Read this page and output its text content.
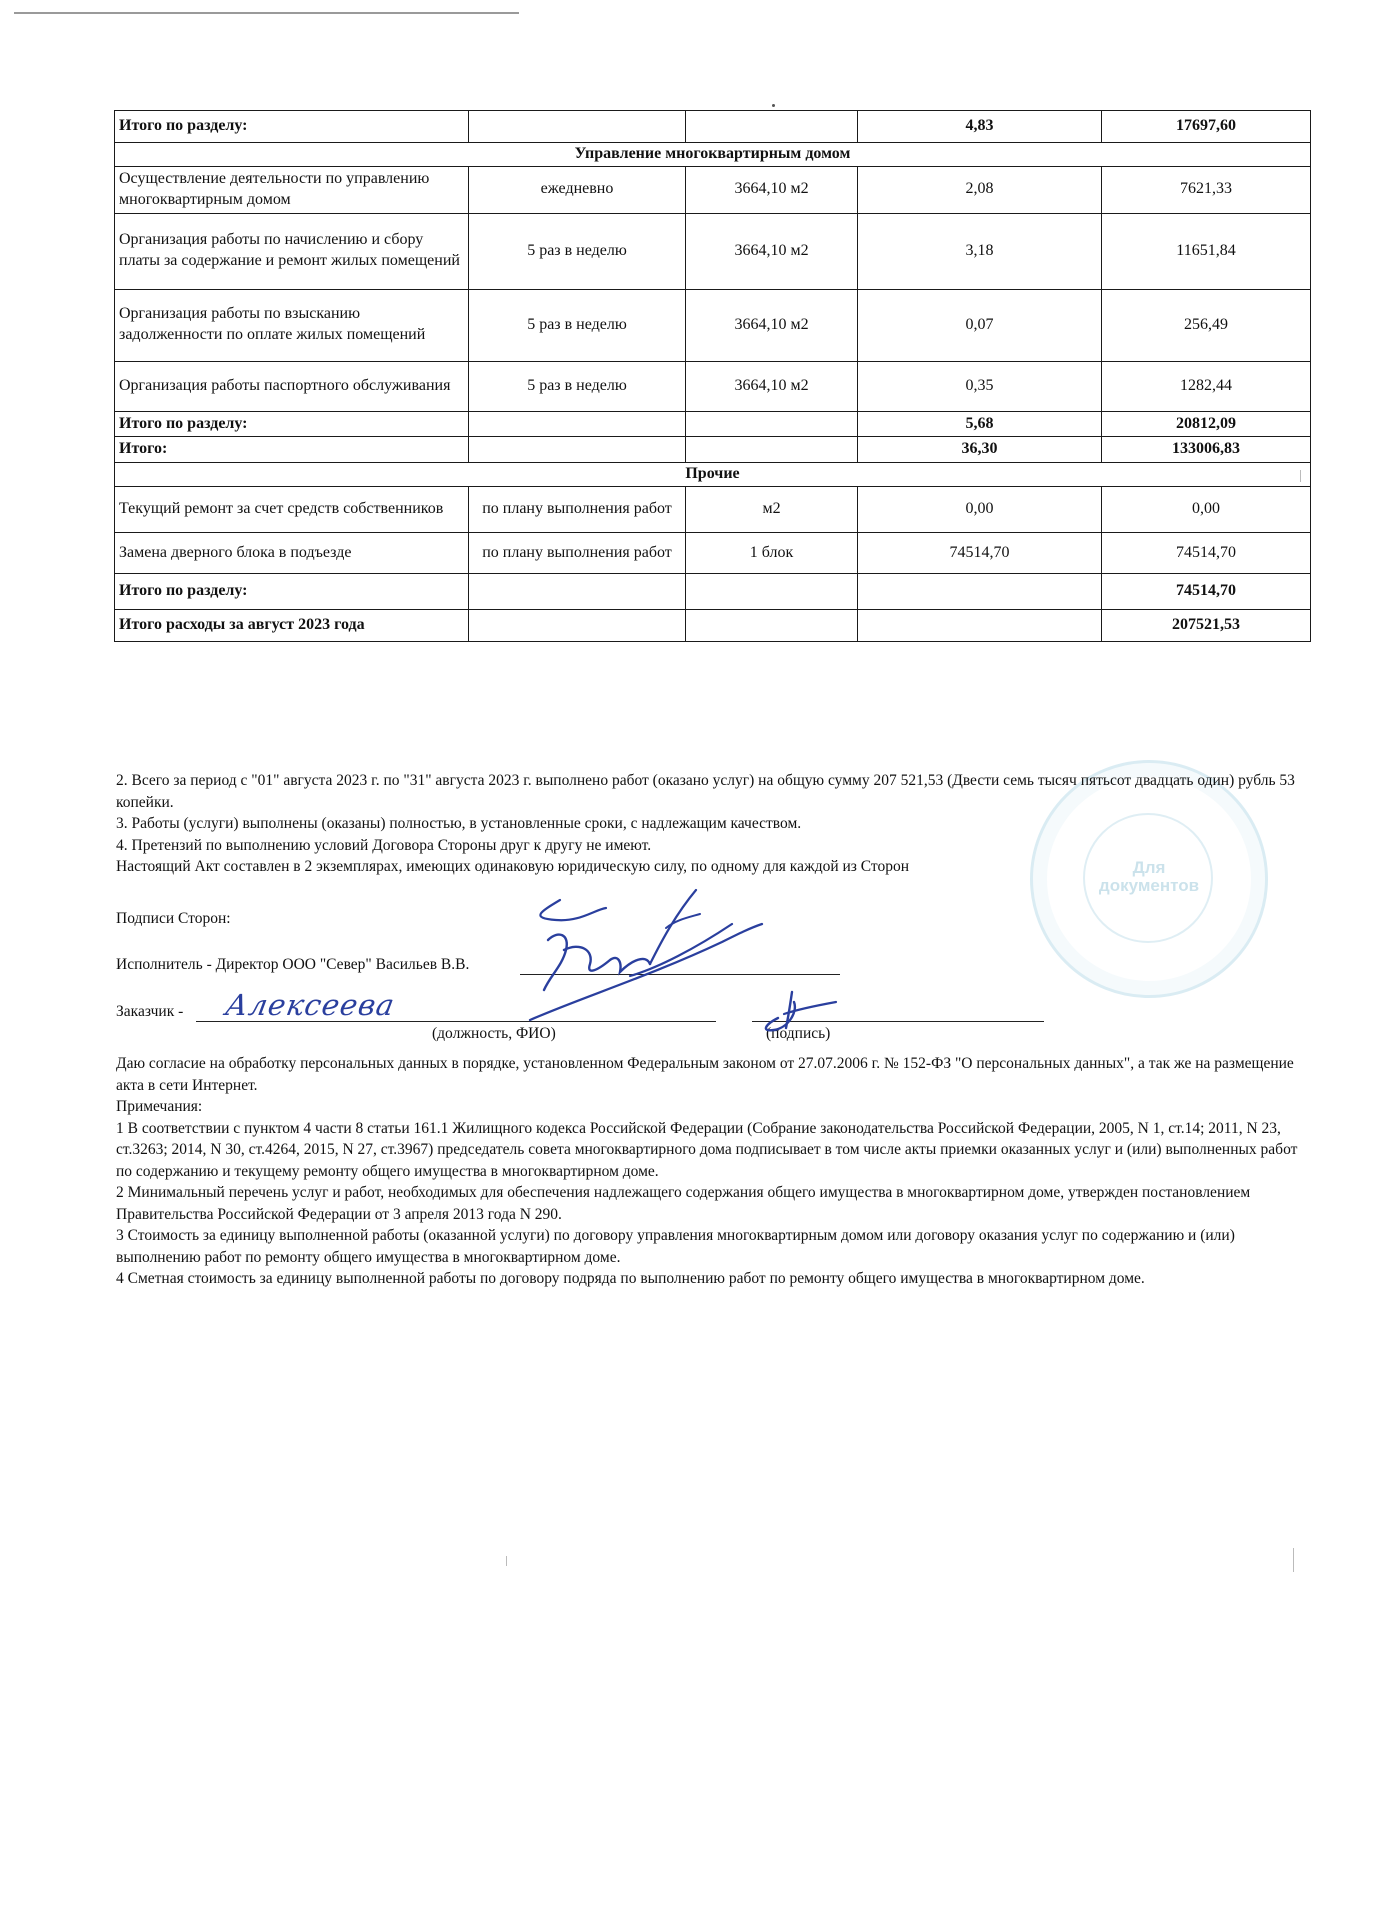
Итого по разделу:			4,83	17697,60
Управление многоквартирным домом				
Осуществление деятельности по управлению многоквартирным домом	ежедневно	3664,10 м2	2,08	7621,33
Организация работы по начислению и сбору платы за содержание и ремонт жилых помещений	5 раз в неделю	3664,10 м2	3,18	11651,84
Организация работы по взысканию задолженности по оплате жилых помещений	5 раз в неделю	3664,10 м2	0,07	256,49
Организация работы паспортного обслуживания	5 раз в неделю	3664,10 м2	0,35	1282,44
Итого по разделу:			5,68	20812,09
Итого:			36,30	133006,83
Прочие				
Текущий ремонт за счет средств собственников	по плану выполнения работ	м2	0,00	0,00
Замена дверного блока в подъезде	по плану выполнения работ	1 блок	74514,70	74514,70
Итого по разделу:				74514,70
Итого расходы за август 2023 года				207521,53
Для
документов

2. Всего за период с "01" августа 2023 г. по "31" августа 2023 г. выполнено работ (оказано услуг) на общую сумму 207 521,53 (Двести семь тысяч пятьсот двадцать один) рубль 53 копейки.

3. Работы (услуги) выполнены (оказаны) полностью, в установленные сроки, с надлежащим качеством.

4. Претензий по выполнению условий Договора Стороны друг к другу не имеют.

Настоящий Акт составлен в 2 экземплярах, имеющих одинаковую юридическую силу, по одному для каждой из Сторон

Подписи Сторон:
Исполнитель - Директор ООО "Север" Васильев В.В.
Заказчик -
(должность, ФИО)	(подпись)
Алексеева

Даю согласие на обработку персональных данных в порядке, установленном Федеральным законом от 27.07.2006 г. № 152-ФЗ "О персональных данных", а так же на размещение акта в сети Интернет.

Примечания:

1 В соответствии с пунктом 4 части 8 статьи 161.1 Жилищного кодекса Российской Федерации (Собрание законодательства Российской Федерации, 2005, N 1, ст.14; 2011, N 23, ст.3263; 2014, N 30, ст.4264, 2015, N 27, ст.3967) председатель совета многоквартирного дома подписывает в том числе акты приемки оказанных услуг и (или) выполненных работ по содержанию и текущему ремонту общего имущества в многоквартирном доме.

2 Минимальный перечень услуг и работ, необходимых для обеспечения надлежащего содержания общего имущества в многоквартирном доме, утвержден постановлением Правительства Российской Федерации от 3 апреля 2013 года N 290.

3 Стоимость за единицу выполненной работы (оказанной услуги) по договору управления многоквартирным домом или договору оказания услуг по содержанию и (или) выполнению работ по ремонту общего имущества в многоквартирном доме.

4 Сметная стоимость за единицу выполненной работы по договору подряда по выполнению работ по ремонту общего имущества в многоквартирном доме.
